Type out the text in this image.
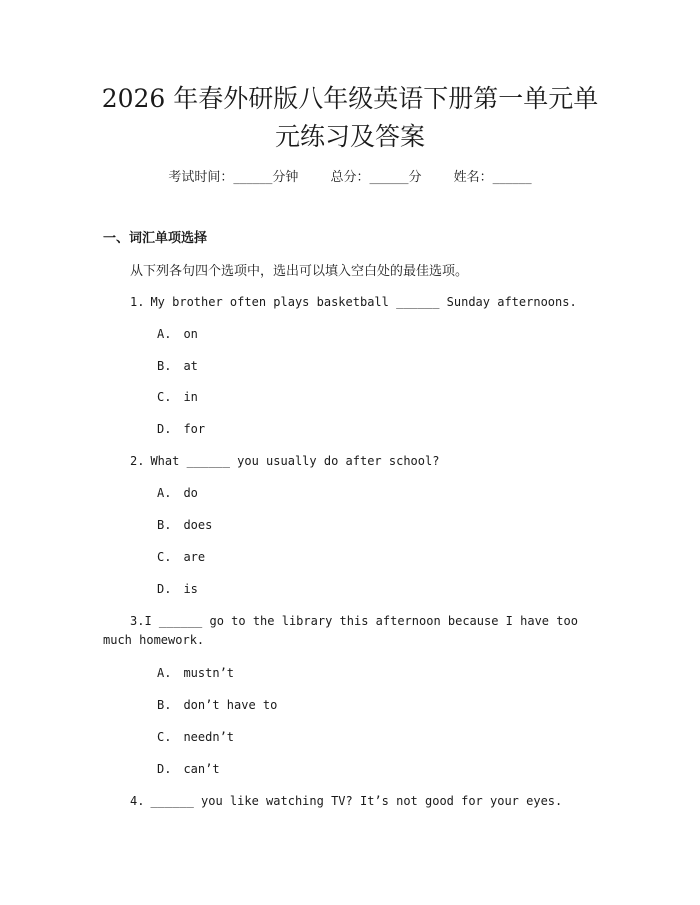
2026 年春外研版八年级英语下册第一单元单
元练习及答案
考试时间：______分钟 总分：______分 姓名：______
一、词汇单项选择
从下列各句四个选项中，选出可以填入空白处的最佳选项。
1. My brother often plays basketball ______ Sunday afternoons.
A. on
B. at
C. in
D. for
2. What ______ you usually do after school?
A. do
B. does
C. are
D. is
3.I ______ go to the library this afternoon because I have too much homework.
A. mustn’t
B. don’t have to
C. needn’t
D. can’t
4. ______ you like watching TV? It’s not good for your eyes.
